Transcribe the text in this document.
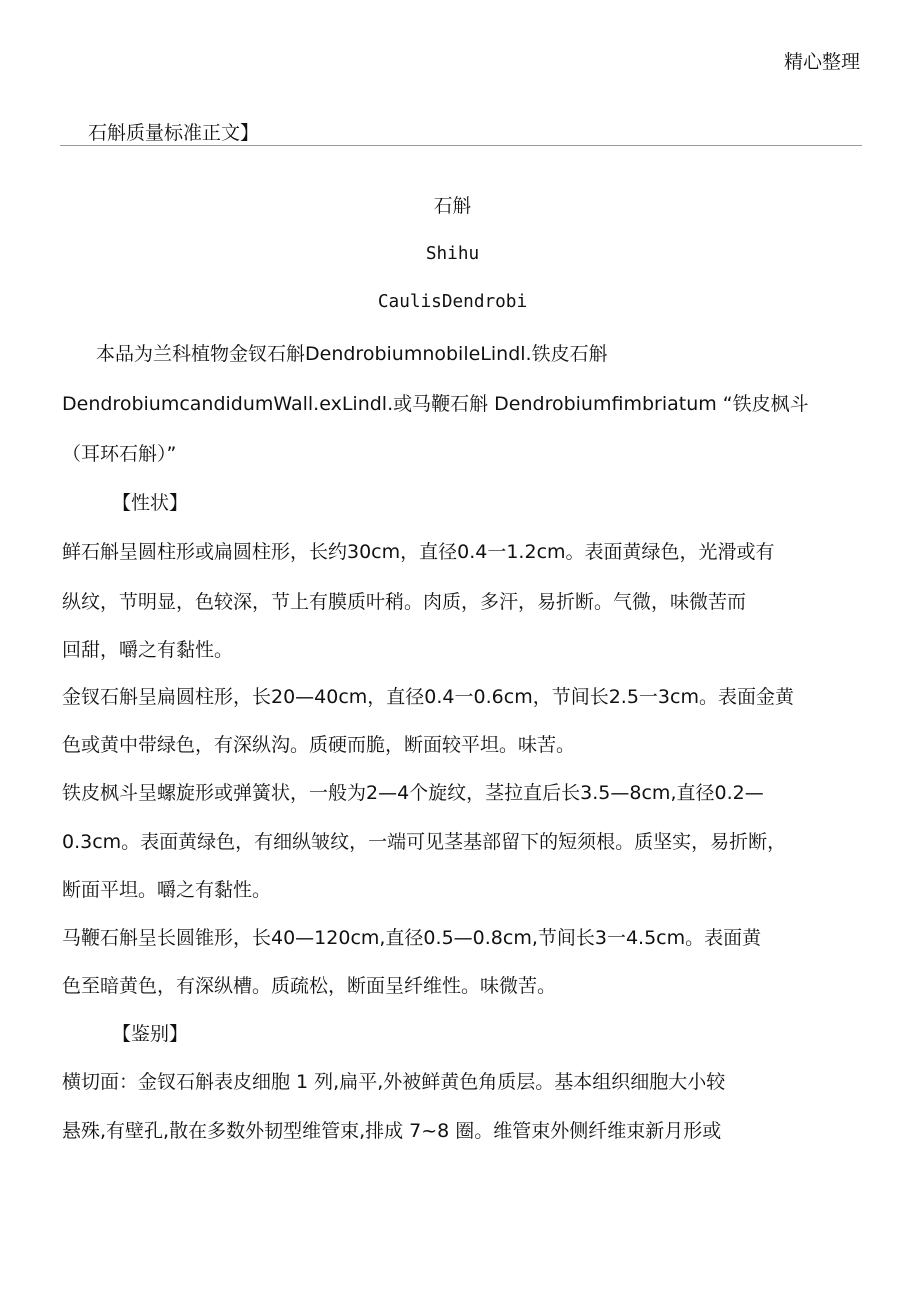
精心整理
石斛质量标准正文】
石斛
Shihu
CaulisDendrobi
本品为兰科植物金钗石斛DendrobiumnobileLindl.铁皮石斛
DendrobiumcandidumWall.exLindl.或马鞭石斛 Dendrobiumfimbriatum “铁皮枫斗
（耳环石斛）”
【性状】
鲜石斛呈圆柱形或扁圆柱形，长约30cm，直径0.4一1.2cm。表面黄绿色，光滑或有
纵纹，节明显，色较深，节上有膜质叶稍。肉质，多汗，易折断。气微，味微苦而
回甜，嚼之有黏性。
金钗石斛呈扁圆柱形，长20—40cm，直径0.4一0.6cm，节间长2.5一3cm。表面金黄
色或黄中带绿色，有深纵沟。质硬而脆，断面较平坦。味苦。
铁皮枫斗呈螺旋形或弹簧状，一般为2—4个旋纹，茎拉直后长3.5—8cm,直径0.2—
0.3cm。表面黄绿色，有细纵皱纹，一端可见茎基部留下的短须根。质坚实，易折断，
断面平坦。嚼之有黏性。
马鞭石斛呈长圆锥形，长40—120cm,直径0.5—0.8cm,节间长3一4.5cm。表面黄
色至暗黄色，有深纵槽。质疏松，断面呈纤维性。味微苦。
【鉴别】
横切面：金钗石斛表皮细胞 1 列,扁平,外被鲜黄色角质层。基本组织细胞大小较
悬殊,有壁孔,散在多数外韧型维管束,排成 7~8 圈。维管束外侧纤维束新月形或
